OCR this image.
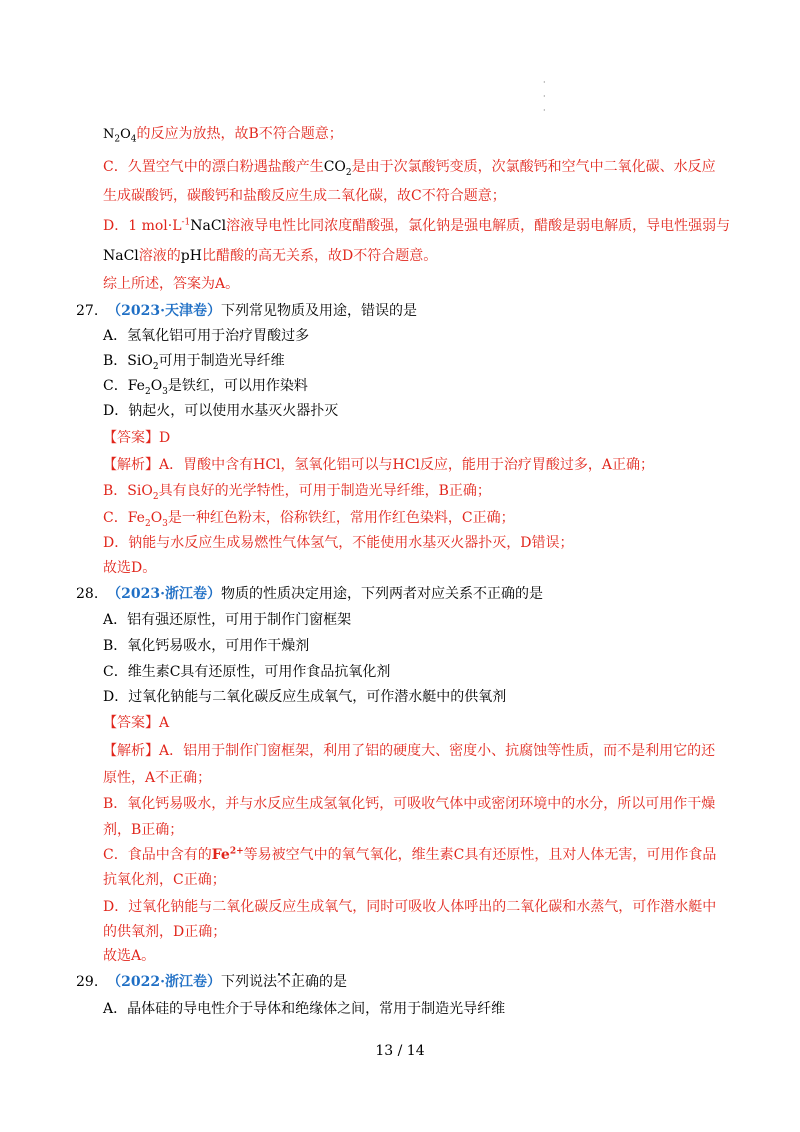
·
·
·
$N_2O_4$的反应为放热，故B不符合题意；
C．久置空气中的漂白粉遇盐酸产生$CO_2$是由于次氯酸钙变质，次氯酸钙和空气中二氧化碳、水反应
生成碳酸钙，碳酸钙和盐酸反应生成二氧化碳，故C不符合题意；
D．1 $mol\cdot L^{-1}NaCl$溶液导电性比同浓度醋酸强，氯化钠是强电解质，醋酸是弱电解质，导电性强弱与
NaCl溶液的pH比醋酸的高无关系，故D不符合题意。
综上所述，答案为A。
27. （2023·天津卷）下列常见物质及用途，错误的是
A．氢氧化铝可用于治疗胃酸过多
B．SiO$_2$可用于制造光导纤维
C．$Fe_2O_3$是铁红，可以用作染料
D．钠起火，可以使用水基灭火器扑灭
【答案】D
【解析】A．胃酸中含有HCl，氢氧化铝可以与HCl反应，能用于治疗胃酸过多，A正确；
B．SiO$_2$具有良好的光学特性，可用于制造光导纤维，B正确；
C．$Fe_2O_3$是一种红色粉末，俗称铁红，常用作红色染料，C正确；
D．钠能与水反应生成易燃性气体氢气，不能使用水基灭火器扑灭，D错误；
故选D。
28. （2023·浙江卷）物质的性质决定用途，下列两者对应关系不正确的是
A．铝有强还原性，可用于制作门窗框架
B．氧化钙易吸水，可用作干燥剂
C．维生素C具有还原性，可用作食品抗氧化剂
D．过氧化钠能与二氧化碳反应生成氧气，可作潜水艇中的供氧剂
【答案】A
【解析】A．铝用于制作门窗框架，利用了铝的硬度大、密度小、抗腐蚀等性质，而不是利用它的还
原性，A不正确；
B．氧化钙易吸水，并与水反应生成氢氧化钙，可吸收气体中或密闭环境中的水分，所以可用作干燥
剂，B正确；
C．食品中含有的$Fe^{2+}$等易被空气中的氧气氧化，维生素C具有还原性，且对人体无害，可用作食品
抗氧化剂，C正确；
D．过氧化钠能与二氧化碳反应生成氧气，同时可吸收人体呼出的二氧化碳和水蒸气，可作潜水艇中
的供氧剂，D正确；
故选A。
29. （2022·浙江卷）下列说法• • • 不正确的是
A．晶体硅的导电性介于导体和绝缘体之间，常用于制造光导纤维
13 / 14
